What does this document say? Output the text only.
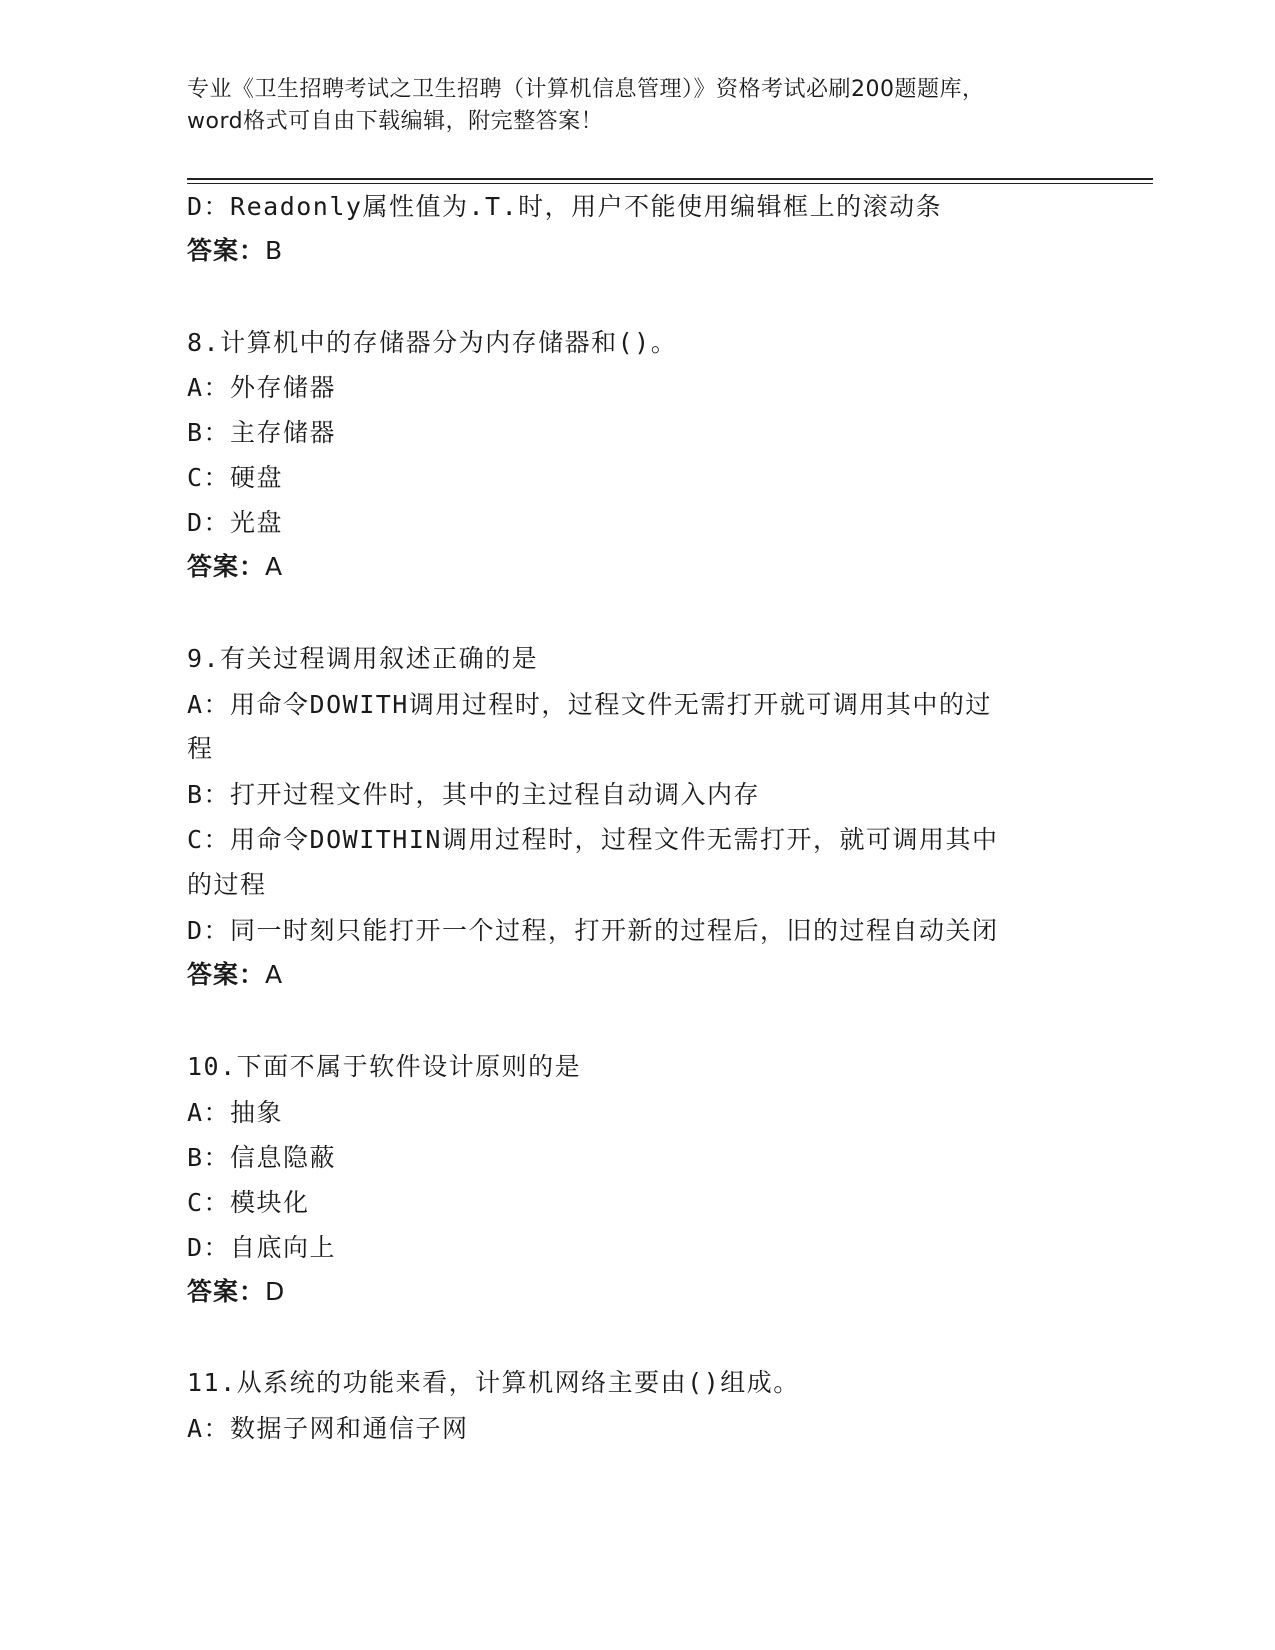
专业《卫生招聘考试之卫生招聘（计算机信息管理）》资格考试必刷200题题库，
word格式可自由下载编辑，附完整答案！
D：Readonly属性值为.T.时，用户不能使用编辑框上的滚动条
答案：B
8.计算机中的存储器分为内存储器和()。
A：外存储器
B：主存储器
C：硬盘
D：光盘
答案：A
9.有关过程调用叙述正确的是
A：用命令DOWITH调用过程时，过程文件无需打开就可调用其中的过
程
B：打开过程文件时，其中的主过程自动调入内存
C：用命令DOWITHIN调用过程时，过程文件无需打开，就可调用其中
的过程
D：同一时刻只能打开一个过程，打开新的过程后，旧的过程自动关闭
答案：A
10.下面不属于软件设计原则的是
A：抽象
B：信息隐蔽
C：模块化
D：自底向上
答案：D
11.从系统的功能来看，计算机网络主要由()组成。
A：数据子网和通信子网
